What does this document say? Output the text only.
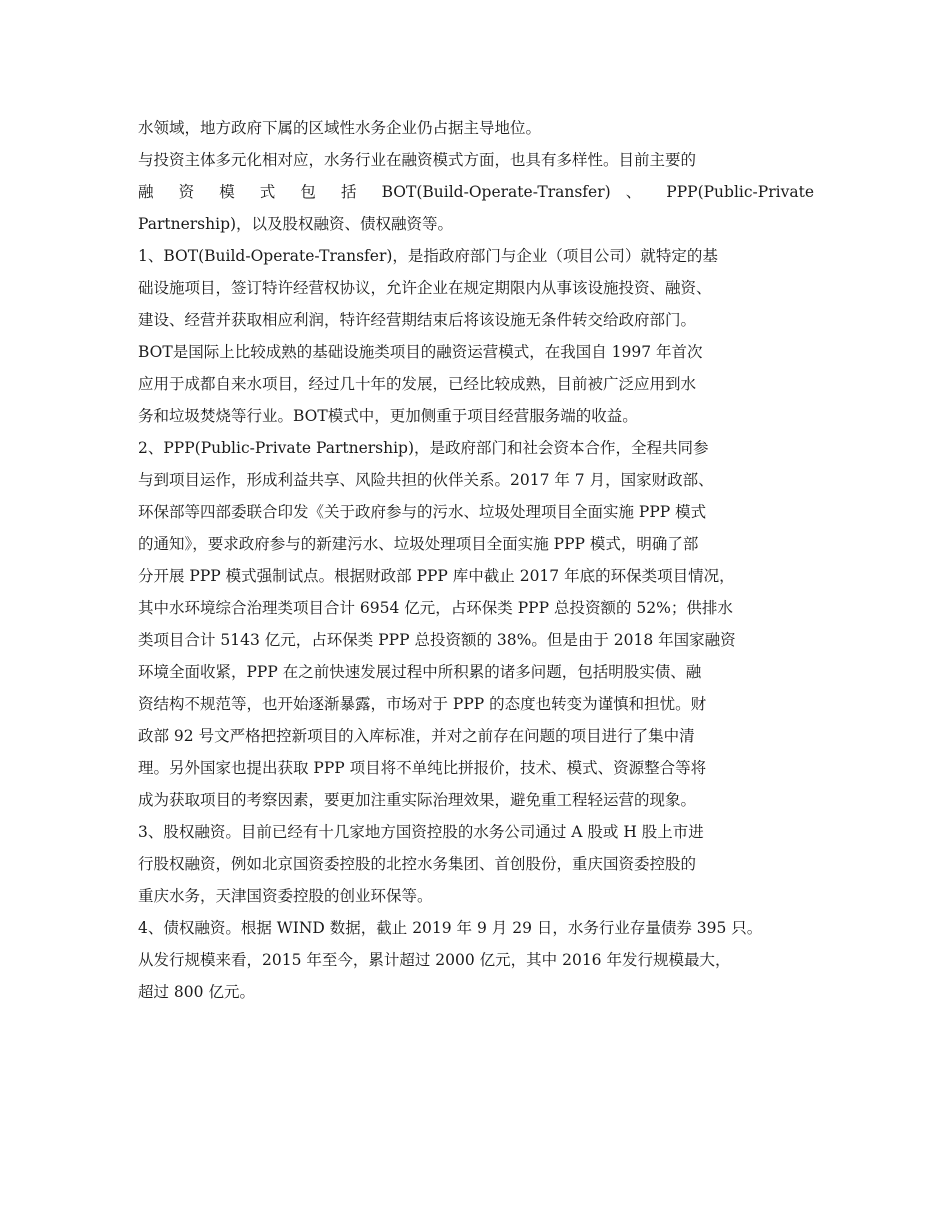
水领域，地方政府下属的区域性水务企业仍占据主导地位。
与投资主体多元化相对应，水务行业在融资模式方面，也具有多样性。目前主要的
融 资 模 式 包 括 BOT(Build-Operate-Transfer) 、 PPP(Public-Private
Partnership)，以及股权融资、债权融资等。
1、BOT(Build-Operate-Transfer)，是指政府部门与企业（项目公司）就特定的基
础设施项目，签订特许经营权协议，允许企业在规定期限内从事该设施投资、融资、
建设、经营并获取相应利润，特许经营期结束后将该设施无条件转交给政府部门。
BOT是国际上比较成熟的基础设施类项目的融资运营模式，在我国自 1997 年首次
应用于成都自来水项目，经过几十年的发展，已经比较成熟，目前被广泛应用到水
务和垃圾焚烧等行业。BOT模式中，更加侧重于项目经营服务端的收益。
2、PPP(Public-Private Partnership)，是政府部门和社会资本合作，全程共同参
与到项目运作，形成利益共享、风险共担的伙伴关系。2017 年 7 月，国家财政部、
环保部等四部委联合印发《关于政府参与的污水、垃圾处理项目全面实施 PPP 模式
的通知》，要求政府参与的新建污水、垃圾处理项目全面实施 PPP 模式，明确了部
分开展 PPP 模式强制试点。根据财政部 PPP 库中截止 2017 年底的环保类项目情况，
其中水环境综合治理类项目合计 6954 亿元，占环保类 PPP 总投资额的 52%；供排水
类项目合计 5143 亿元，占环保类 PPP 总投资额的 38%。但是由于 2018 年国家融资
环境全面收紧，PPP 在之前快速发展过程中所积累的诸多问题，包括明股实债、融
资结构不规范等，也开始逐渐暴露，市场对于 PPP 的态度也转变为谨慎和担忧。财
政部 92 号文严格把控新项目的入库标准，并对之前存在问题的项目进行了集中清
理。另外国家也提出获取 PPP 项目将不单纯比拼报价，技术、模式、资源整合等将
成为获取项目的考察因素，要更加注重实际治理效果，避免重工程轻运营的现象。
3、股权融资。目前已经有十几家地方国资控股的水务公司通过 A 股或 H 股上市进
行股权融资，例如北京国资委控股的北控水务集团、首创股份，重庆国资委控股的
重庆水务，天津国资委控股的创业环保等。
4、债权融资。根据 WIND 数据，截止 2019 年 9 月 29 日，水务行业存量债券 395 只。
从发行规模来看，2015 年至今，累计超过 2000 亿元，其中 2016 年发行规模最大，
超过 800 亿元。
